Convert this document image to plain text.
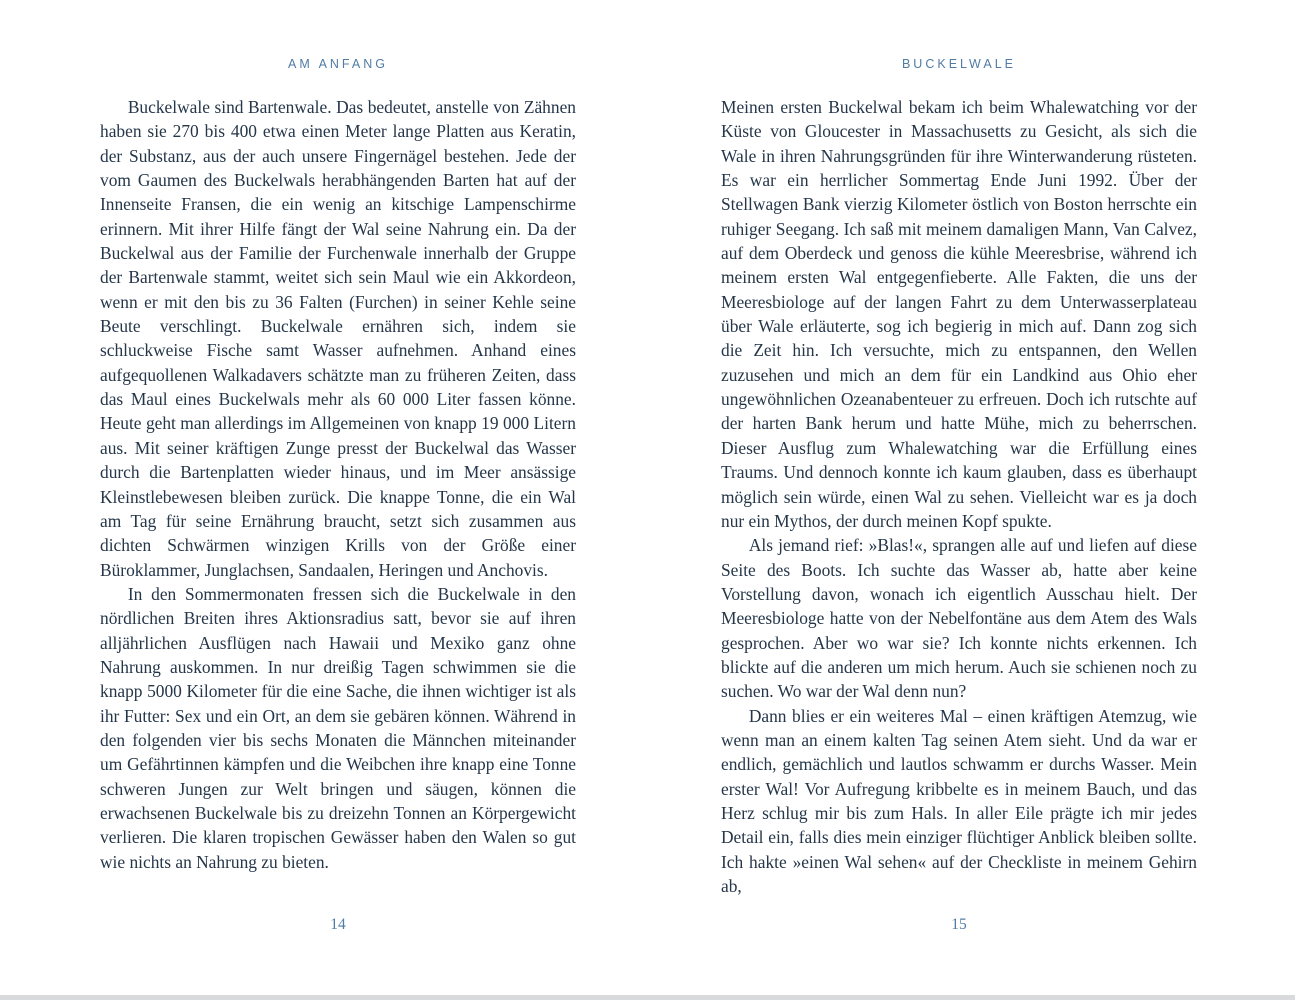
AM ANFANG

Buckelwale sind Bartenwale. Das bedeutet, anstelle von Zähnen haben sie 270 bis 400 etwa einen Meter lange Platten aus Keratin, der Substanz, aus der auch unsere Fingernägel bestehen. Jede der vom Gaumen des Buckelwals herabhängenden Barten hat auf der Innenseite Fransen, die ein wenig an kitschige Lampenschirme erinnern. Mit ihrer Hilfe fängt der Wal seine Nahrung ein. Da der Buckelwal aus der Familie der Furchenwale innerhalb der Gruppe der Bartenwale stammt, weitet sich sein Maul wie ein Akkordeon, wenn er mit den bis zu 36 Falten (Furchen) in seiner Kehle seine Beute verschlingt. Buckelwale ernähren sich, indem sie schluckweise Fische samt Wasser aufnehmen. Anhand eines aufgequollenen Walkadavers schätzte man zu früheren Zeiten, dass das Maul eines Buckelwals mehr als 60 000 Liter fassen könne. Heute geht man allerdings im Allgemeinen von knapp 19 000 Litern aus. Mit seiner kräftigen Zunge presst der Buckelwal das Wasser durch die Bartenplatten wieder hinaus, und im Meer ansässige Kleinstlebewesen bleiben zurück. Die knappe Tonne, die ein Wal am Tag für seine Ernährung braucht, setzt sich zusammen aus dichten Schwärmen winzigen Krills von der Größe einer Büroklammer, Junglachsen, Sandaalen, Heringen und Anchovis.

In den Sommermonaten fressen sich die Buckelwale in den nördlichen Breiten ihres Aktionsradius satt, bevor sie auf ihren alljährlichen Ausflügen nach Hawaii und Mexiko ganz ohne Nahrung auskommen. In nur dreißig Tagen schwimmen sie die knapp 5000 Kilometer für die eine Sache, die ihnen wichtiger ist als ihr Futter: Sex und ein Ort, an dem sie gebären können. Während in den folgenden vier bis sechs Monaten die Männchen miteinander um Gefährtinnen kämpfen und die Weibchen ihre knapp eine Tonne schweren Jungen zur Welt bringen und säugen, können die erwachsenen Buckelwale bis zu dreizehn Tonnen an Körpergewicht verlieren. Die klaren tropischen Gewässer haben den Walen so gut wie nichts an Nahrung zu bieten.

14
BUCKELWALE

Meinen ersten Buckelwal bekam ich beim Whalewatching vor der Küste von Gloucester in Massachusetts zu Gesicht, als sich die Wale in ihren Nahrungsgründen für ihre Winterwanderung rüsteten. Es war ein herrlicher Sommertag Ende Juni 1992. Über der Stellwagen Bank vierzig Kilometer östlich von Boston herrschte ein ruhiger Seegang. Ich saß mit meinem damaligen Mann, Van Calvez, auf dem Oberdeck und genoss die kühle Meeresbrise, während ich meinem ersten Wal entgegenfieberte. Alle Fakten, die uns der Meeresbiologe auf der langen Fahrt zu dem Unterwasserplateau über Wale erläuterte, sog ich begierig in mich auf. Dann zog sich die Zeit hin. Ich versuchte, mich zu entspannen, den Wellen zuzusehen und mich an dem für ein Landkind aus Ohio eher ungewöhnlichen Ozeanabenteuer zu erfreuen. Doch ich rutschte auf der harten Bank herum und hatte Mühe, mich zu beherrschen. Dieser Ausflug zum Whalewatching war die Erfüllung eines Traums. Und dennoch konnte ich kaum glauben, dass es überhaupt möglich sein würde, einen Wal zu sehen. Vielleicht war es ja doch nur ein Mythos, der durch meinen Kopf spukte.

Als jemand rief: »Blas!«, sprangen alle auf und liefen auf diese Seite des Boots. Ich suchte das Wasser ab, hatte aber keine Vorstellung davon, wonach ich eigentlich Ausschau hielt. Der Meeresbiologe hatte von der Nebelfontäne aus dem Atem des Wals gesprochen. Aber wo war sie? Ich konnte nichts erkennen. Ich blickte auf die anderen um mich herum. Auch sie schienen noch zu suchen. Wo war der Wal denn nun?

Dann blies er ein weiteres Mal – einen kräftigen Atemzug, wie wenn man an einem kalten Tag seinen Atem sieht. Und da war er endlich, gemächlich und lautlos schwamm er durchs Wasser. Mein erster Wal! Vor Aufregung kribbelte es in meinem Bauch, und das Herz schlug mir bis zum Hals. In aller Eile prägte ich mir jedes Detail ein, falls dies mein einziger flüchtiger Anblick bleiben sollte. Ich hakte »einen Wal sehen« auf der Checkliste in meinem Gehirn ab,

15
